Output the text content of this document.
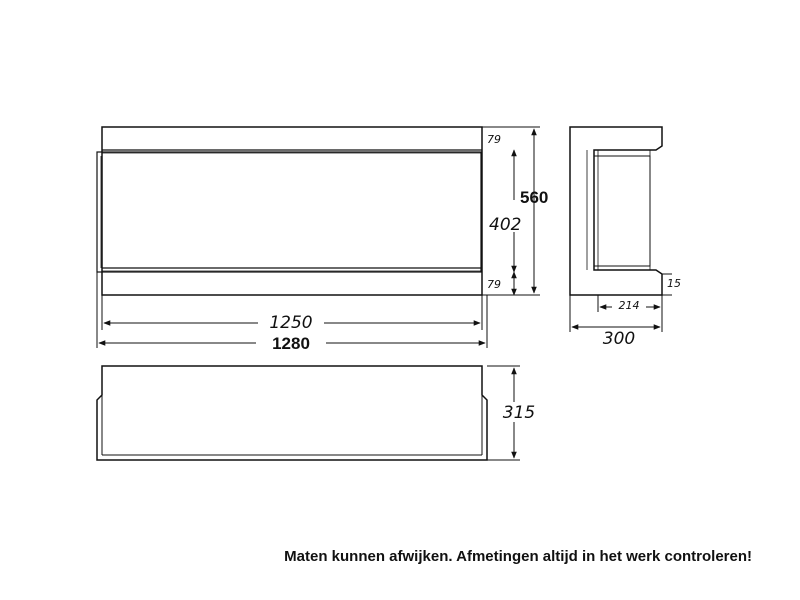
79
560
402
79
1250
1280
15
214
300
315

Maten kunnen afwijken. Afmetingen altijd in het werk controleren!
